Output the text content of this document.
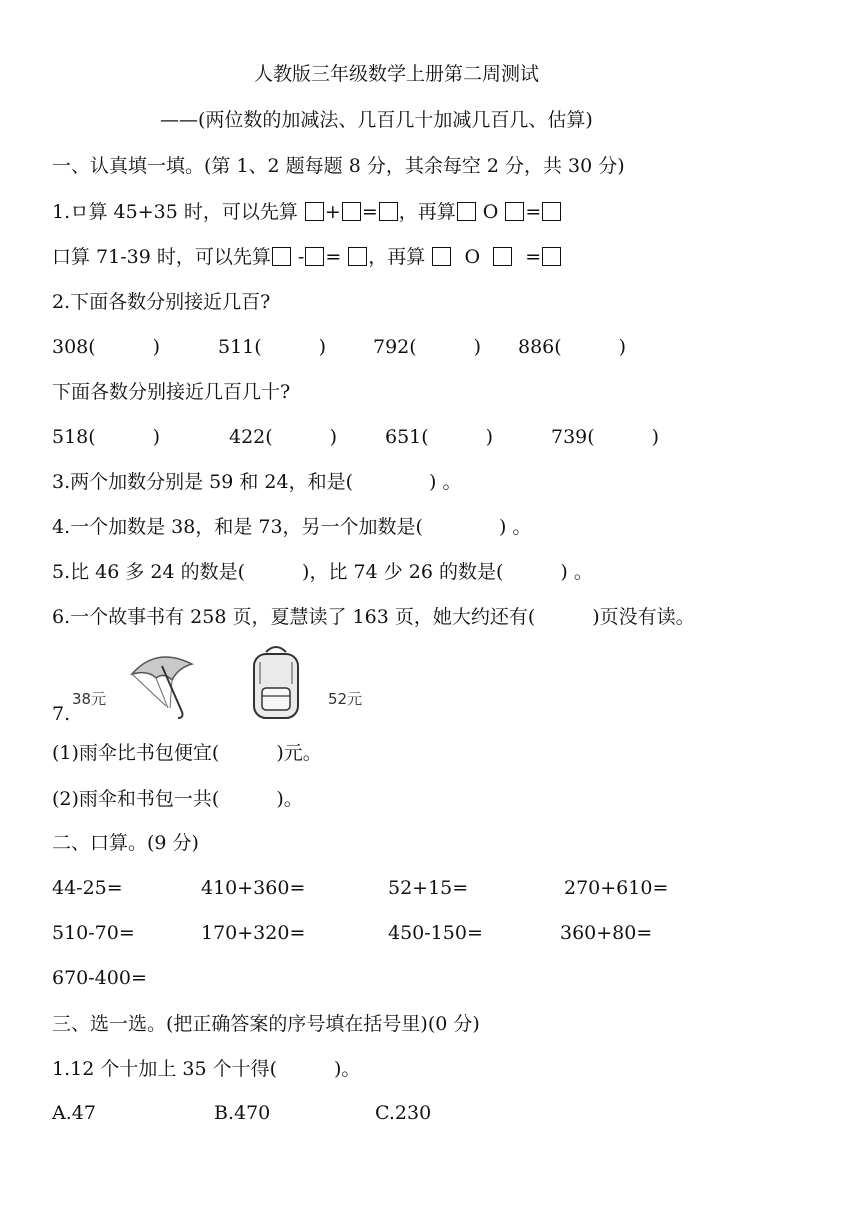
人教版三年级数学上册第二周测试
——(两位数的加减法、几百几十加减几百几、估算)
一、认真填一填。(第 1、2 题每题 8 分，其余每空 2 分，共 30 分)
1.ㅁ算 45+35 时，可以先算 + = ，再算 O =
口算 71-39 时，可以先算 - = ，再算 O =
2.下面各数分别接近几百?
308(　　　)	511(　　　) 792(　　　) 886(　　　)
下面各数分别接近几百几十?
518(　　　)	422(　　　)	651(　　　)	739(　　　)
3.两个加数分别是 59 和 24，和是(　　　　) 。
4.一个加数是 38，和是 73，另一个加数是(　　　　) 。
5.比 46 多 24 的数是(　　　)，比 74 少 26 的数是(　　　) 。
6.一个故事书有 258 页，夏慧读了 163 页，她大约还有(　　　)页没有读。
7.
38元	52元
(1)雨伞比书包便宜(　　　)元。
(2)雨伞和书包一共(　　　)。
二、口算。(9 分)
44-25=	410+360=	52+15=	270+610=
510-70=	170+320=	450-150=	360+80=
670-400=
三、选一选。(把正确答案的序号填在括号里)(0 分)
1.12 个十加上 35 个十得(　　　)。
A.47	B.470	C.230
